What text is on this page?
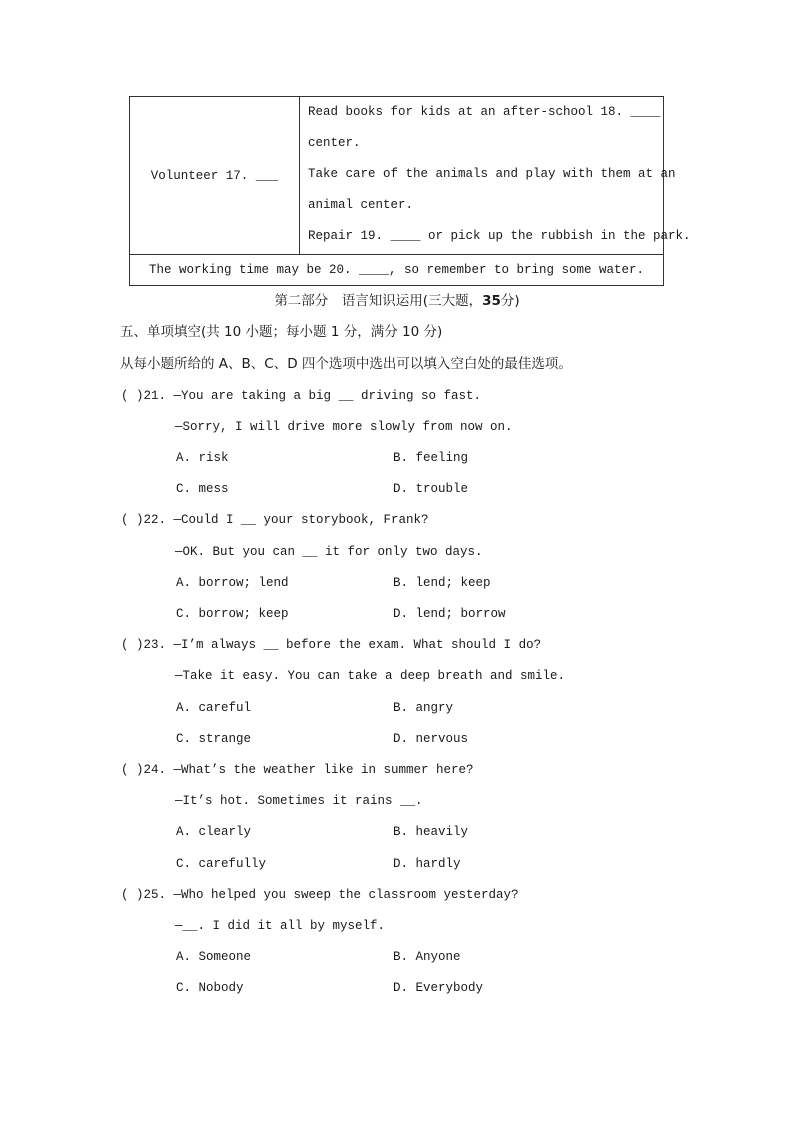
Volunteer 17. ___	
Read books for kids at an after-school 18. ____
center.
Take care of the animals and play with them at an
animal center.
Repair 19. ____ or pick up the rubbish in the park.

The working time may be 20. ____, so remember to bring some water.
第二部分　语言知识运用(三大题，35分)
五、单项填空(共 10 小题；每小题 1 分，满分 10 分)
从每小题所给的 A、B、C、D 四个选项中选出可以填入空白处的最佳选项。
( )21. —You are taking a big __ driving so fast.
—Sorry, I will drive more slowly from now on.
A. risk	B. feeling
C. mess	D. trouble
( )22. —Could I __ your storybook, Frank?
—OK. But you can __ it for only two days.
A. borrow; lend	B. lend; keep
C. borrow; keep	D. lend; borrow
( )23. —I’m always __ before the exam. What should I do?
—Take it easy. You can take a deep breath and smile.
A. careful	B. angry
C. strange	D. nervous
( )24. —What’s the weather like in summer here?
—It’s hot. Sometimes it rains __.
A. clearly	B. heavily
C. carefully	D. hardly
( )25. —Who helped you sweep the classroom yesterday?
—__. I did it all by myself.
A. Someone	B. Anyone
C. Nobody	D. Everybody
